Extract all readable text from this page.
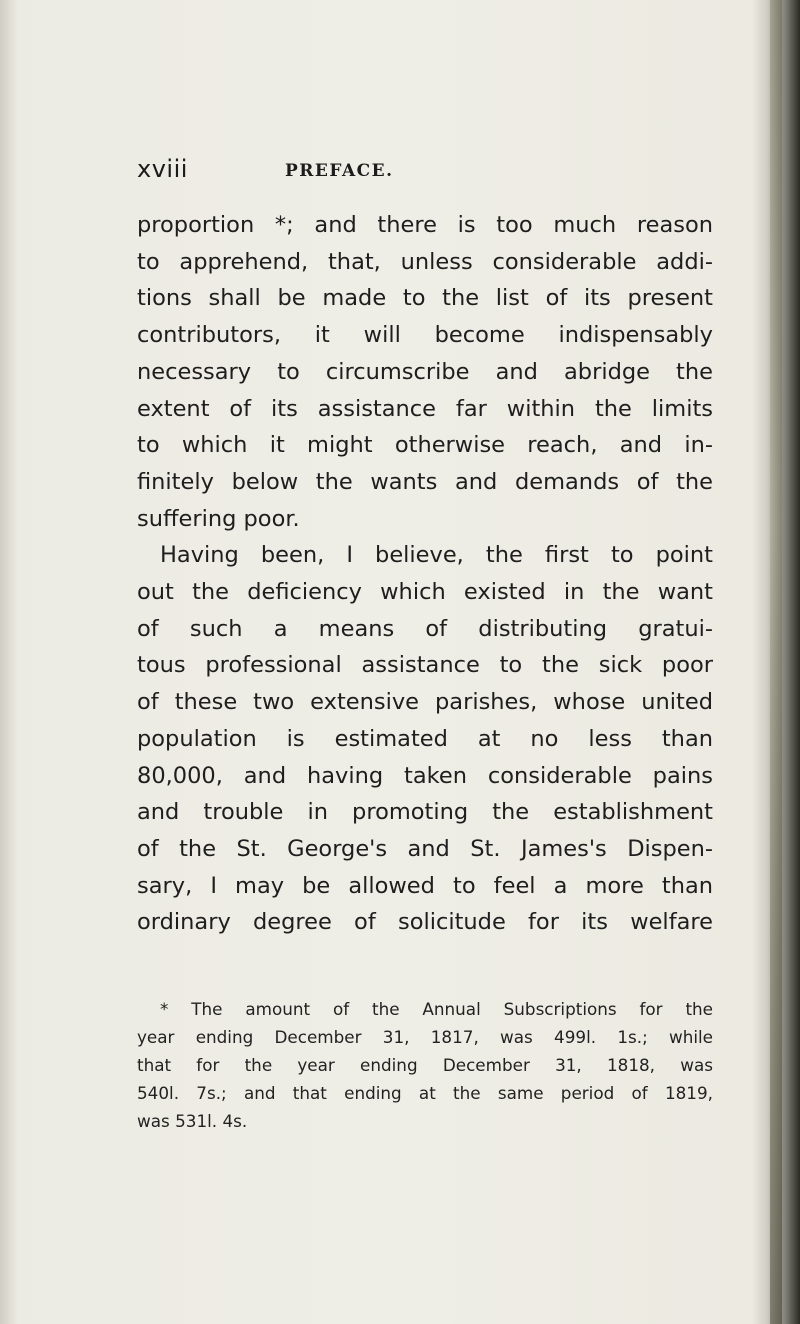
xviii	PREFACE.
proportion *; and there is too much reason
to apprehend, that, unless considerable addi-
tions shall be made to the list of its present
contributors, it will become indispensably
necessary to circumscribe and abridge the
extent of its assistance far within the limits
to which it might otherwise reach, and in-
finitely below the wants and demands of the
suffering poor.
Having been, I believe, the first to point
out the deficiency which existed in the want
of such a means of distributing gratui-
tous professional assistance to the sick poor
of these two extensive parishes, whose united
population is estimated at no less than
80,000, and having taken considerable pains
and trouble in promoting the establishment
of the St. George's and St. James's Dispen-
sary, I may be allowed to feel a more than
ordinary degree of solicitude for its welfare
* The amount of the Annual Subscriptions for the
year ending December 31, 1817, was 499l. 1s.; while
that for the year ending December 31, 1818, was
540l. 7s.; and that ending at the same period of 1819,
was 531l. 4s.
